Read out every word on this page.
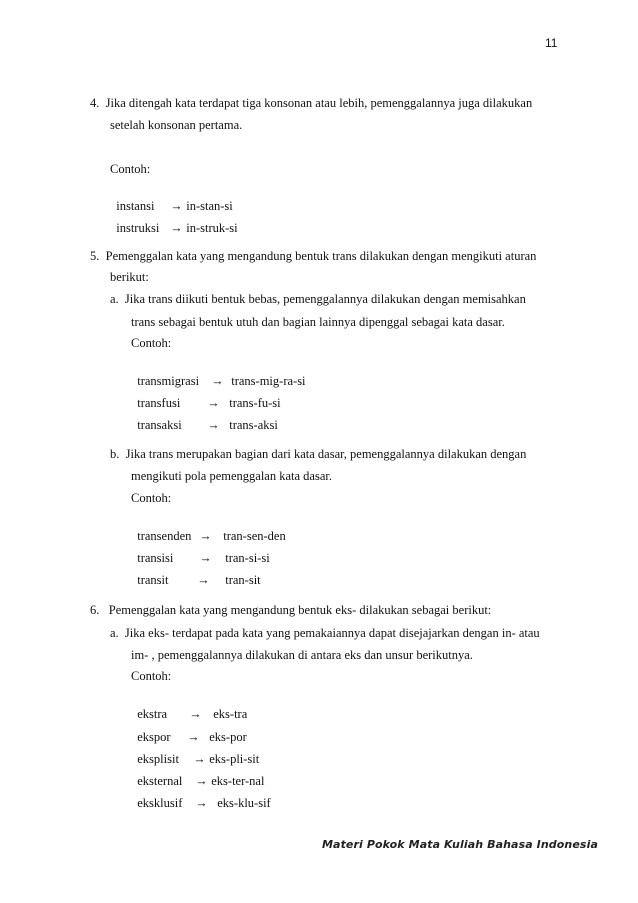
11
4.  Jika ditengah kata terdapat tiga konsonan atau lebih, pemenggalannya juga dilakukan
setelah konsonan pertama.
Contoh:

instansi → in-stan-si

instruksi → in-struk-si

5.  Pemenggalan kata yang mengandung bentuk trans dilakukan dengan mengikuti aturan
berikut:
a.  Jika trans diikuti bentuk bebas, pemenggalannya dilakukan dengan memisahkan
trans sebagai bentuk utuh dan bagian lainnya dipenggal sebagai kata dasar.
Contoh:

transmigrasi → trans-mig-ra-si

transfusi → trans-fu-si

transaksi → trans-aksi

b.  Jika trans merupakan bagian dari kata dasar, pemenggalannya dilakukan dengan
mengikuti pola pemenggalan kata dasar.
Contoh:

transenden → tran-sen-den

transisi → tran-si-si

transit → tran-sit

6.   Pemenggalan kata yang mengandung bentuk eks- dilakukan sebagai berikut:
a.  Jika eks- terdapat pada kata yang pemakaiannya dapat disejajarkan dengan in- atau
im- , pemenggalannya dilakukan di antara eks dan unsur berikutnya.
Contoh:

ekstra → eks-tra

ekspor → eks-por

eksplisit → eks-pli-sit

eksternal → eks-ter-nal

eksklusif → eks-klu-sif

Materi Pokok Mata Kuliah Bahasa Indonesia
